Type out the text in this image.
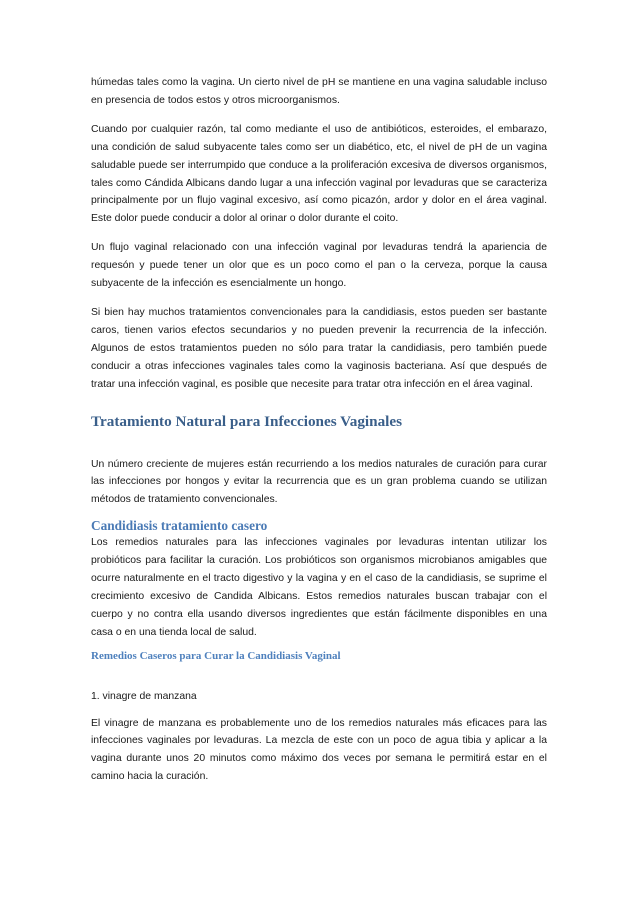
húmedas tales como la vagina. Un cierto nivel de pH se mantiene en una vagina saludable incluso en presencia de todos estos y otros microorganismos.

Cuando por cualquier razón, tal como mediante el uso de antibióticos, esteroides, el embarazo, una condición de salud subyacente tales como ser un diabético, etc, el nivel de pH de un vagina saludable puede ser interrumpido que conduce a la proliferación excesiva de diversos organismos, tales como Cándida Albicans dando lugar a una infección vaginal por levaduras que se caracteriza principalmente por un flujo vaginal excesivo, así como picazón, ardor y dolor en el área vaginal. Este dolor puede conducir a dolor al orinar o dolor durante el coito.

Un flujo vaginal relacionado con una infección vaginal por levaduras tendrá la apariencia de requesón y puede tener un olor que es un poco como el pan o la cerveza, porque la causa subyacente de la infección es esencialmente un hongo.

Si bien hay muchos tratamientos convencionales para la candidiasis, estos pueden ser bastante caros, tienen varios efectos secundarios y no pueden prevenir la recurrencia de la infección. Algunos de estos tratamientos pueden no sólo para tratar la candidiasis, pero también puede conducir a otras infecciones vaginales tales como la vaginosis bacteriana. Así que después de tratar una infección vaginal, es posible que necesite para tratar otra infección en el área vaginal.

Tratamiento Natural para Infecciones Vaginales

Un número creciente de mujeres están recurriendo a los medios naturales de curación para curar las infecciones por hongos y evitar la recurrencia que es un gran problema cuando se utilizan métodos de tratamiento convencionales.

Candidiasis tratamiento casero

Los remedios naturales para las infecciones vaginales por levaduras intentan utilizar los probióticos para facilitar la curación. Los probióticos son organismos microbianos amigables que ocurre naturalmente en el tracto digestivo y la vagina y en el caso de la candidiasis, se suprime el crecimiento excesivo de Candida Albicans. Estos remedios naturales buscan trabajar con el cuerpo y no contra ella usando diversos ingredientes que están fácilmente disponibles en una casa o en una tienda local de salud.

Remedios Caseros para Curar la Candidiasis Vaginal
1. vinagre de manzana

El vinagre de manzana es probablemente uno de los remedios naturales más eficaces para las infecciones vaginales por levaduras. La mezcla de este con un poco de agua tibia y aplicar a la vagina durante unos 20 minutos como máximo dos veces por semana le permitirá estar en el camino hacia la curación.
